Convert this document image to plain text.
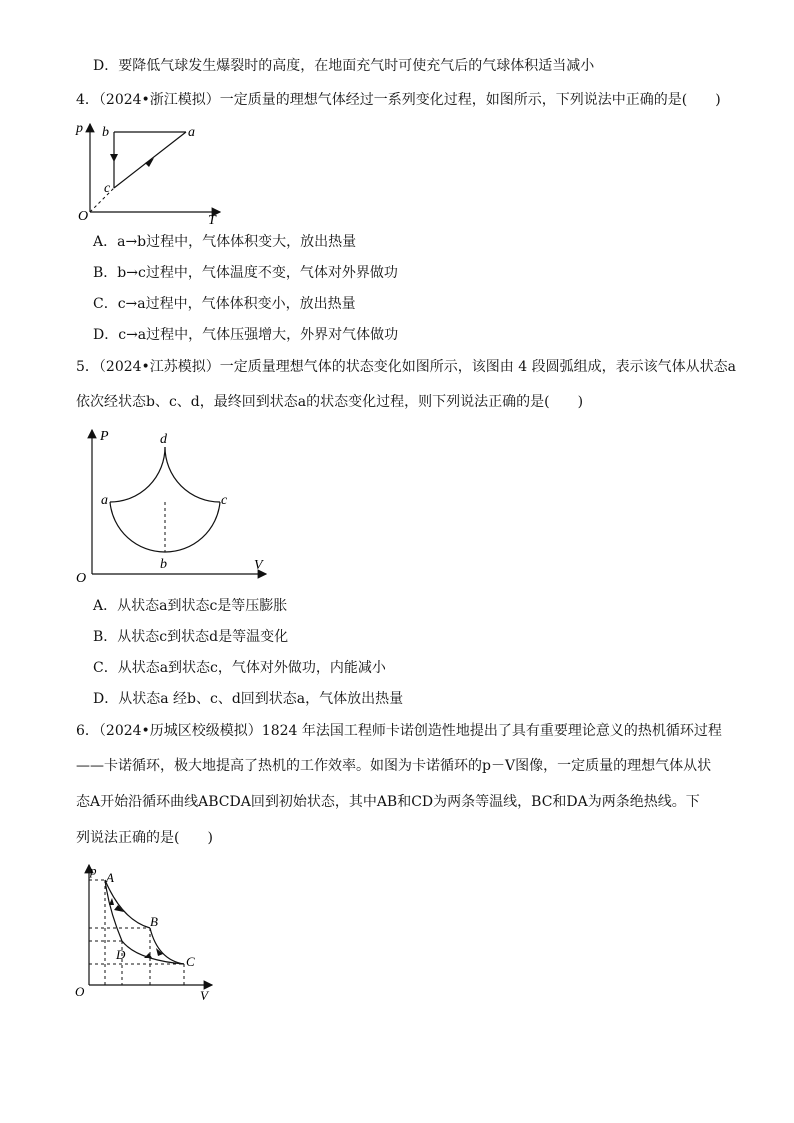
D．要降低气球发生爆裂时的高度，在地面充气时可使充气后的气球体积适当减小
4．（2024•浙江模拟）一定质量的理想气体经过一系列变化过程，如图所示，下列说法中正确的是(　　)
p
T
O
a
b
c
A．a→b过程中，气体体积变大，放出热量
B．b→c过程中，气体温度不变，气体对外界做功
C．c→a过程中，气体体积变小，放出热量
D．c→a过程中，气体压强增大，外界对气体做功
5．（2024•江苏模拟）一定质量理想气体的状态变化如图所示，该图由 4 段圆弧组成，表示该气体从状态a
依次经状态b、c、d，最终回到状态a的状态变化过程，则下列说法正确的是(　　)
P
V
O
a
b
c
d
A．从状态a到状态c是等压膨胀
B．从状态c到状态d是等温变化
C．从状态a到状态c，气体对外做功，内能减小
D．从状态a 经b、c、d回到状态a，气体放出热量
6．（2024•历城区校级模拟）1824 年法国工程师卡诺创造性地提出了具有重要理论意义的热机循环过程
——卡诺循环，极大地提高了热机的工作效率。如图为卡诺循环的p－V图像，一定质量的理想气体从状
态A开始沿循环曲线ABCDA回到初始状态，其中AB和CD为两条等温线，BC和DA为两条绝热线。下
列说法正确的是(　　)
p
V
O
A
B
C
D
